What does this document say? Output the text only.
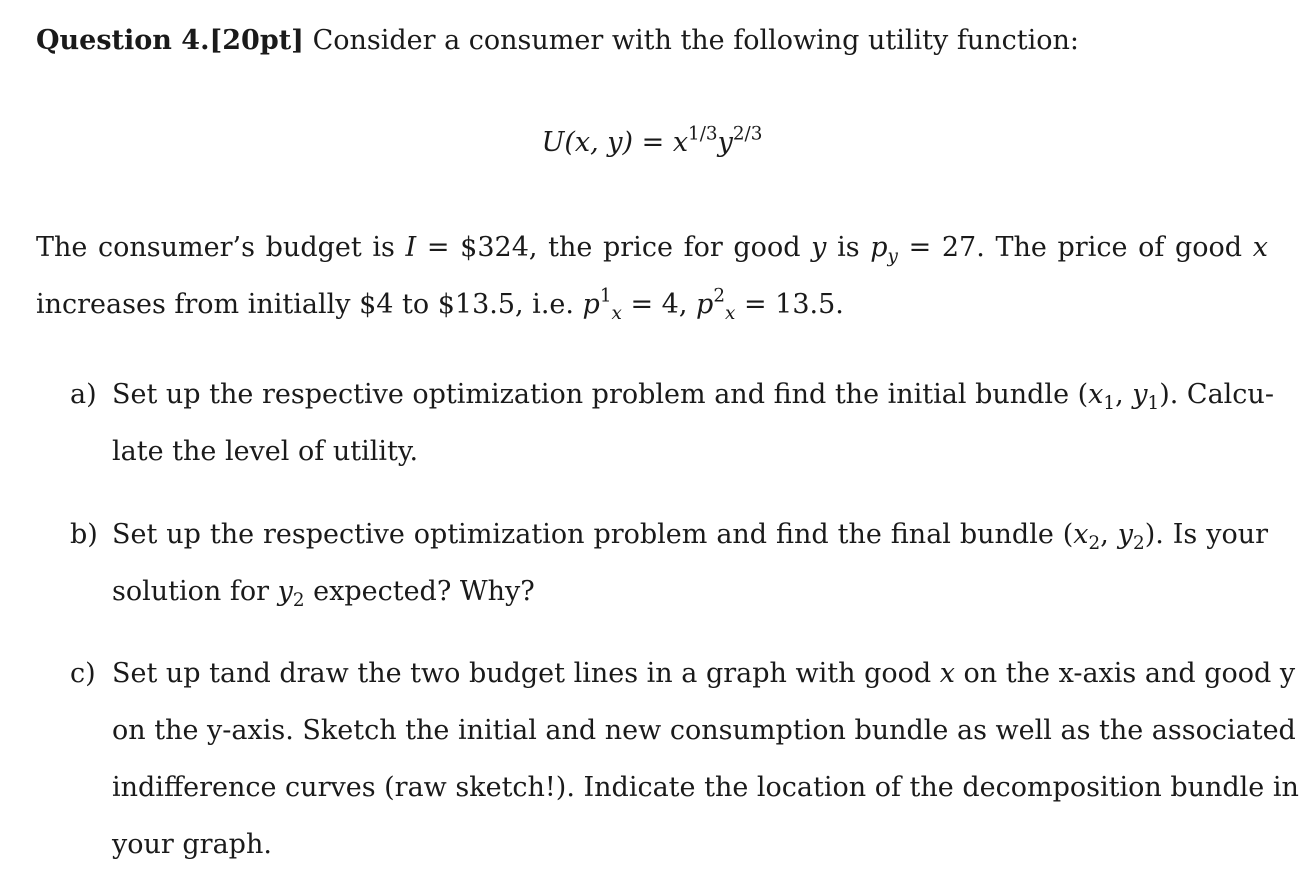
Question 4.[20pt] Consider a consumer with the following utility function:
U(x, $y) = x^{1/3}y^{2/3}$
The consumer’s budget is I = $324, the price for good y is $p_y = 27$. The price of good x
increases from initially $4 to $13.5, i.e. $p^1_x = 4$, $p^2_x = 13.5$.
a) Set up the respective optimization problem and find the initial bundle ($x_1$, $y_1$). Calcu-
late the level of utility.
b) Set up the respective optimization problem and find the final bundle ($x_2$, $y_2$). Is your
solution for $y_2$ expected? Why?
c) Set up tand draw the two budget lines in a graph with good x on the x-axis and good y
on the y-axis. Sketch the initial and new consumption bundle as well as the associated
indifference curves (raw sketch!). Indicate the location of the decomposition bundle in
your graph.
